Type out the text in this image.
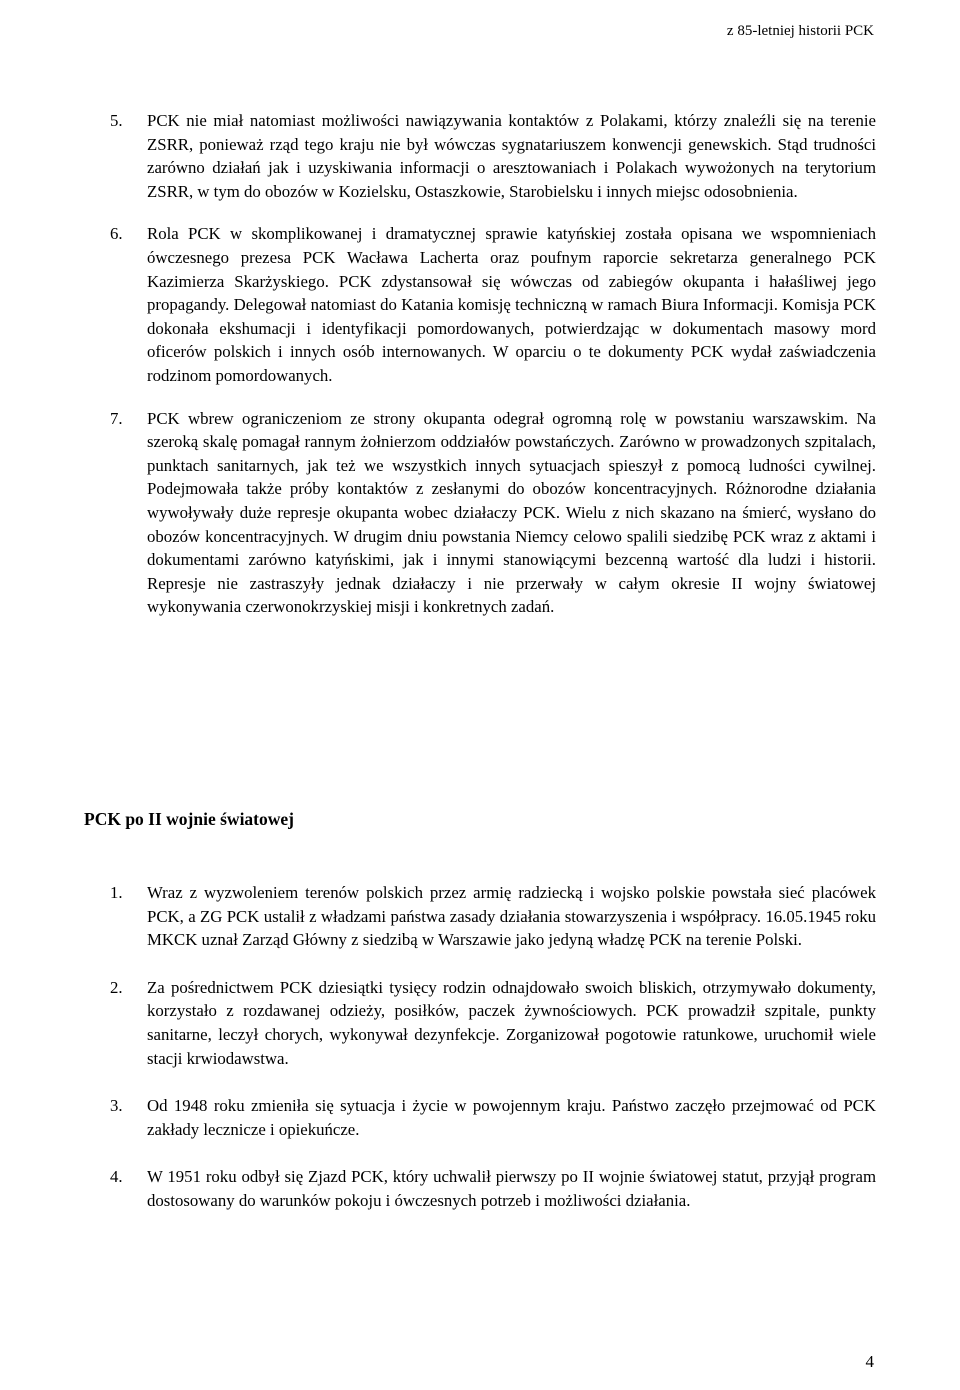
z 85-letniej historii PCK
5. PCK nie miał natomiast możliwości nawiązywania kontaktów z Polakami, którzy znaleźli się na terenie ZSRR, ponieważ rząd tego kraju nie był wówczas sygnatariuszem konwencji genewskich. Stąd trudności zarówno działań jak i uzyskiwania informacji o aresztowaniach i Polakach wywożonych na terytorium ZSRR, w tym do obozów w Kozielsku, Ostaszkowie, Starobielsku i innych miejsc odosobnienia.
6. Rola PCK w skomplikowanej i dramatycznej sprawie katyńskiej została opisana we wspomnieniach ówczesnego prezesa PCK Wacława Lacherta oraz poufnym raporcie sekretarza generalnego PCK Kazimierza Skarżyskiego. PCK zdystansował się wówczas od zabiegów okupanta i hałaśliwej jego propagandy. Delegował natomiast do Katania komisję techniczną w ramach Biura Informacji. Komisja PCK dokonała ekshumacji i identyfikacji pomordowanych, potwierdzając w dokumentach masowy mord oficerów polskich i innych osób internowanych. W oparciu o te dokumenty PCK wydał zaświadczenia rodzinom pomordowanych.
7. PCK wbrew ograniczeniom ze strony okupanta odegrał ogromną rolę w powstaniu warszawskim. Na szeroką skalę pomagał rannym żołnierzom oddziałów powstańczych. Zarówno w prowadzonych szpitalach, punktach sanitarnych, jak też we wszystkich innych sytuacjach spieszył z pomocą ludności cywilnej. Podejmowała także próby kontaktów z zesłanymi do obozów koncentracyjnych. Różnorodne działania wywoływały duże represje okupanta wobec działaczy PCK. Wielu z nich skazano na śmierć, wysłano do obozów koncentracyjnych. W drugim dniu powstania Niemcy celowo spalili siedzibę PCK wraz z aktami i dokumentami zarówno katyńskimi, jak i innymi stanowiącymi bezcenną wartość dla ludzi i historii. Represje nie zastraszyły jednak działaczy i nie przerwały w całym okresie II wojny światowej wykonywania czerwonokrzyskiej misji i konkretnych zadań.
PCK po II wojnie światowej
1. Wraz z wyzwoleniem terenów polskich przez armię radziecką i wojsko polskie powstała sieć placówek PCK, a ZG PCK ustalił z władzami państwa zasady działania stowarzyszenia i współpracy. 16.05.1945 roku MKCK uznał Zarząd Główny z siedzibą w Warszawie jako jedyną władzę PCK na terenie Polski.
2. Za pośrednictwem PCK dziesiątki tysięcy rodzin odnajdowało swoich bliskich, otrzymywało dokumenty, korzystało z rozdawanej odzieży, posiłków, paczek żywnościowych. PCK prowadził szpitale, punkty sanitarne, leczył chorych, wykonywał dezynfekcje. Zorganizował pogotowie ratunkowe, uruchomił wiele stacji krwiodawstwa.
3. Od 1948 roku zmieniła się sytuacja i życie w powojennym kraju. Państwo zaczęło przejmować od PCK zakłady lecznicze i opiekuńcze.
4. W 1951 roku odbył się Zjazd PCK, który uchwalił pierwszy po II wojnie światowej statut, przyjął program dostosowany do warunków pokoju i ówczesnych potrzeb i możliwości działania.
4
